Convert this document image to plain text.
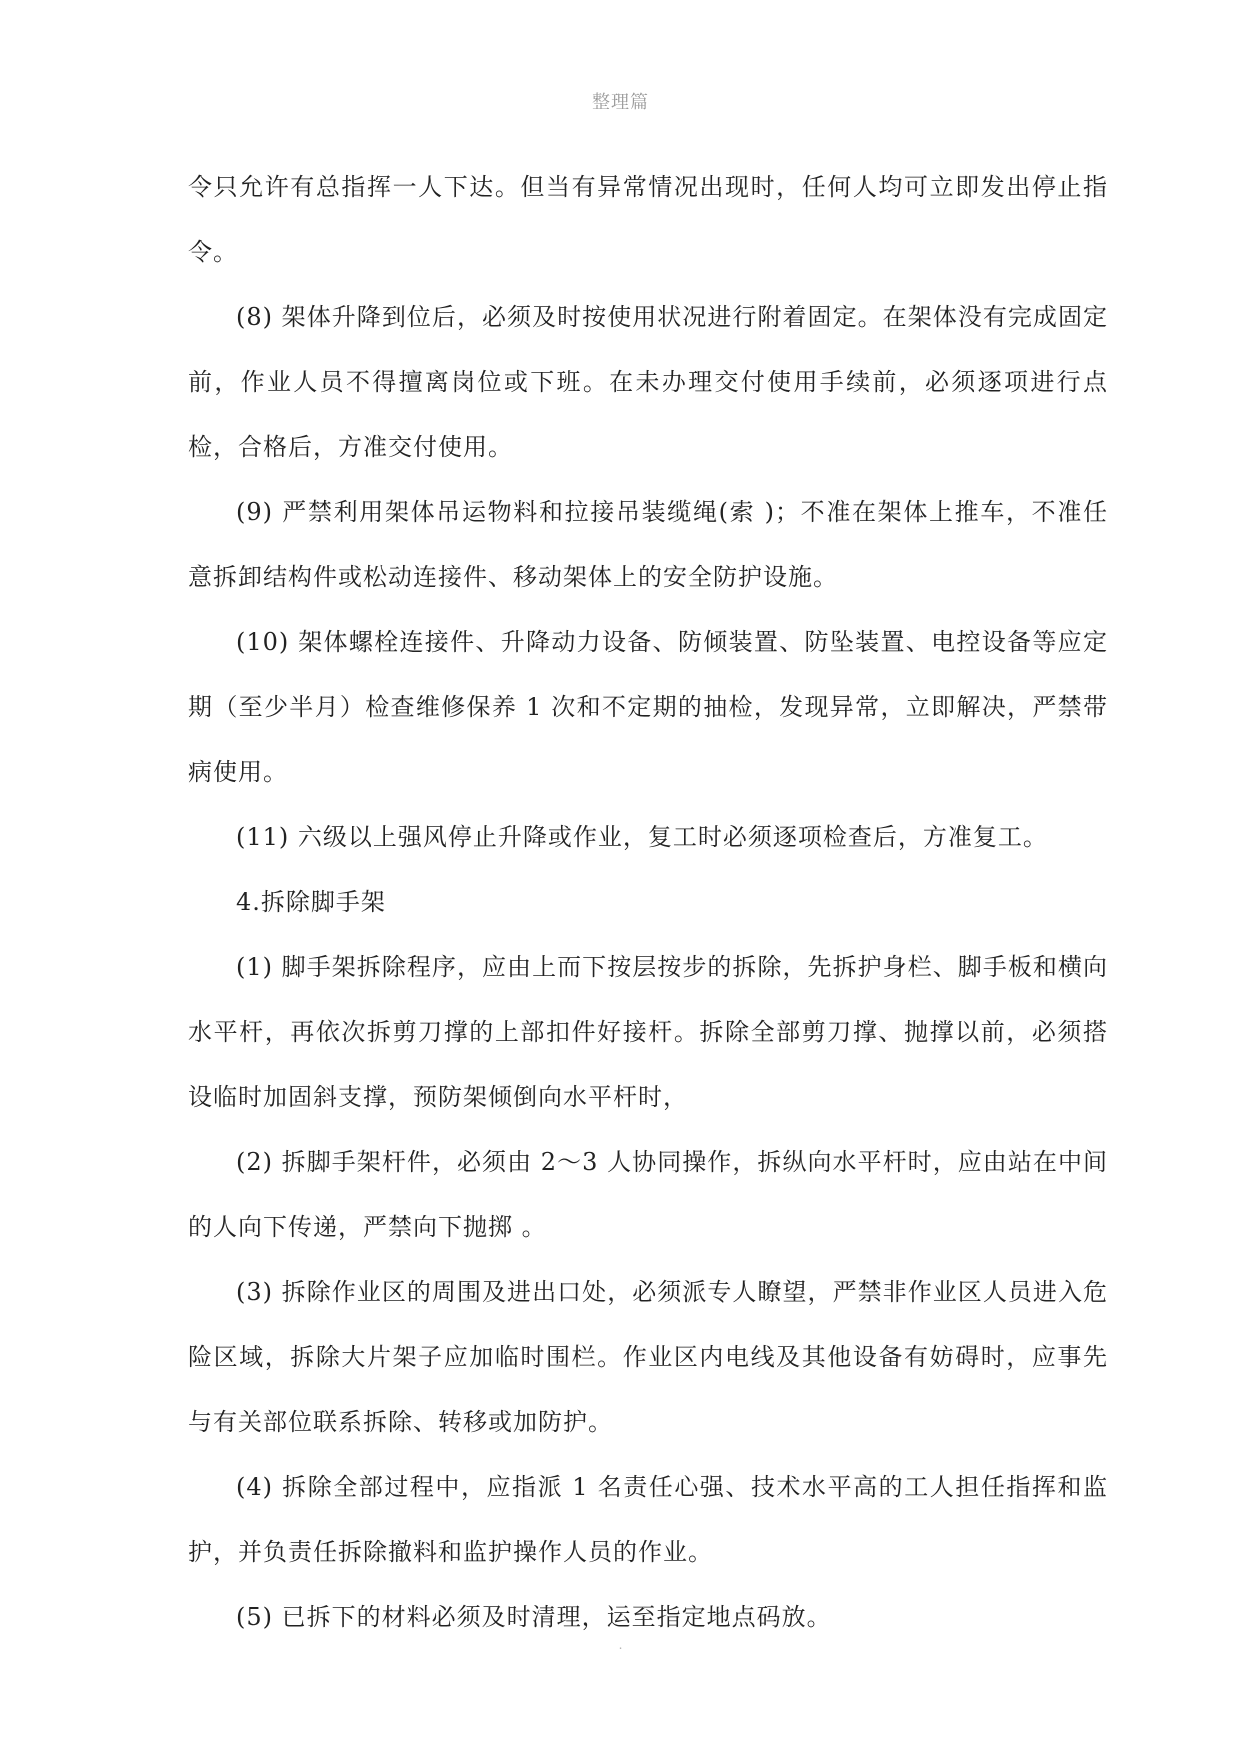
整理篇

令只允许有总指挥一人下达。但当有异常情况出现时，任何人均可立即发出停止指令。

(8) 架体升降到位后，必须及时按使用状况进行附着固定。在架体没有完成固定前，作业人员不得擅离岗位或下班。在未办理交付使用手续前，必须逐项进行点检，合格后，方准交付使用。

(9) 严禁利用架体吊运物料和拉接吊装缆绳(索 )；不准在架体上推车，不准任意拆卸结构件或松动连接件、移动架体上的安全防护设施。

(10) 架体螺栓连接件、升降动力设备、防倾装置、防坠装置、电控设备等应定期（至少半月）检查维修保养 1 次和不定期的抽检，发现异常，立即解决，严禁带病使用。

(11) 六级以上强风停止升降或作业，复工时必须逐项检查后，方准复工。

4.拆除脚手架

(1) 脚手架拆除程序，应由上而下按层按步的拆除，先拆护身栏、脚手板和横向水平杆，再依次拆剪刀撑的上部扣件好接杆。拆除全部剪刀撑、抛撑以前，必须搭设临时加固斜支撑，预防架倾倒向水平杆时，

(2) 拆脚手架杆件，必须由 2～3 人协同操作，拆纵向水平杆时，应由站在中间的人向下传递，严禁向下抛掷 。

(3) 拆除作业区的周围及进出口处，必须派专人瞭望，严禁非作业区人员进入危险区域，拆除大片架子应加临时围栏。作业区内电线及其他设备有妨碍时，应事先与有关部位联系拆除、转移或加防护。

(4) 拆除全部过程中，应指派 1 名责任心强、技术水平高的工人担任指挥和监护，并负责任拆除撤料和监护操作人员的作业。

(5) 已拆下的材料必须及时清理，运至指定地点码放。

.
